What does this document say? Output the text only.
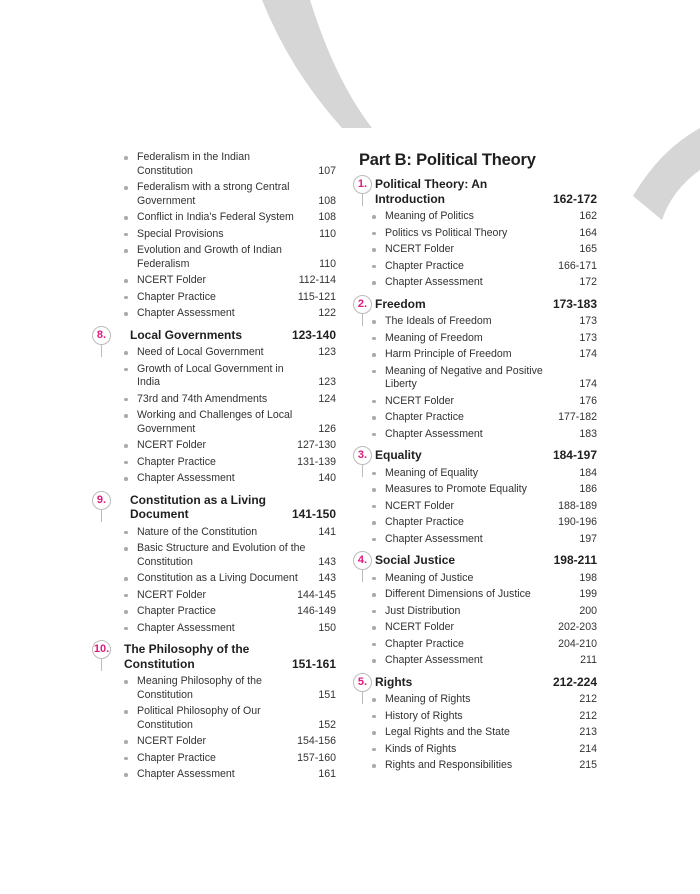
Federalism in the Indian Constitution	107
Federalism with a strong Central Government	108
Conflict in India's Federal System 108
Special Provisions	110
Evolution and Growth of Indian Federalism	110
NCERT Folder	112-114
Chapter Practice	115-121
Chapter Assessment	122
8.	Local Governments	123-140
Need of Local Government	123
Growth of Local Government in India	123
73rd and 74th Amendments	124
Working and Challenges of Local Government	126
NCERT Folder	127-130
Chapter Practice	131-139
Chapter Assessment	140
9.	Constitution as a Living Document	141-150
Nature of the Constitution	141
Basic Structure and Evolution of the Constitution	143
Constitution as a Living Document 143
NCERT Folder	144-145
Chapter Practice	146-149
Chapter Assessment	150
10. The Philosophy of the Constitution	151-161
Meaning Philosophy of the Constitution	151
Political Philosophy of Our Constitution	152
NCERT Folder	154-156
Chapter Practice	157-160
Chapter Assessment	161
Part B: Political Theory
1. Political Theory: An Introduction	162-172
Meaning of Politics	162
Politics vs Political Theory	164
NCERT Folder	165
Chapter Practice	166-171
Chapter Assessment	172
2. Freedom	173-183
The Ideals of Freedom	173
Meaning of Freedom	173
Harm Principle of Freedom	174
Meaning of Negative and Positive Liberty	174
NCERT Folder	176
Chapter Practice	177-182
Chapter Assessment	183
3. Equality	184-197
Meaning of Equality	184
Measures to Promote Equality	186
NCERT Folder	188-189
Chapter Practice	190-196
Chapter Assessment	197
4. Social Justice	198-211
Meaning of Justice	198
Different Dimensions of Justice	199
Just Distribution	200
NCERT Folder	202-203
Chapter Practice	204-210
Chapter Assessment	211
5. Rights	212-224
Meaning of Rights	212
History of Rights	212
Legal Rights and the State	213
Kinds of Rights	214
Rights and Responsibilities	215
